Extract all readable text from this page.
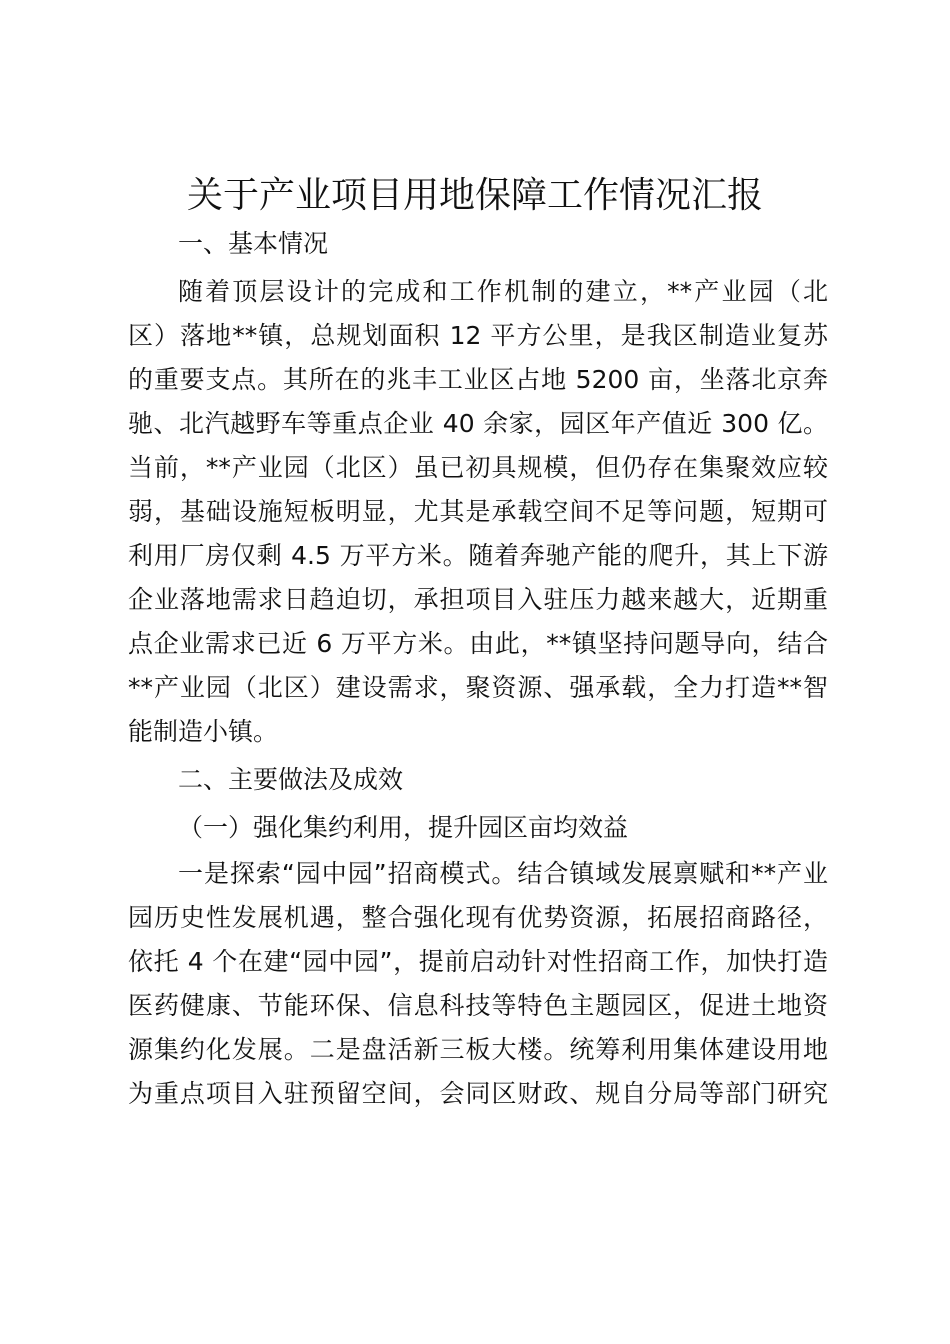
关于产业项目用地保障工作情况汇报
一、基本情况
随着顶层设计的完成和工作机制的建立，**产业园（北
区）落地**镇，总规划面积 12 平方公里，是我区制造业复苏
的重要支点。其所在的兆丰工业区占地 5200 亩，坐落北京奔
驰、北汽越野车等重点企业 40 余家，园区年产值近 300 亿。
当前，**产业园（北区）虽已初具规模，但仍存在集聚效应较
弱，基础设施短板明显，尤其是承载空间不足等问题，短期可
利用厂房仅剩 4.5 万平方米。随着奔驰产能的爬升，其上下游
企业落地需求日趋迫切，承担项目入驻压力越来越大，近期重
点企业需求已近 6 万平方米。由此，**镇坚持问题导向，结合
**产业园（北区）建设需求，聚资源、强承载，全力打造**智
能制造小镇。
二、主要做法及成效
（一）强化集约利用，提升园区亩均效益
一是探索“园中园”招商模式。结合镇域发展禀赋和**产业
园历史性发展机遇，整合强化现有优势资源，拓展招商路径，
依托 4 个在建“园中园”，提前启动针对性招商工作，加快打造
医药健康、节能环保、信息科技等特色主题园区，促进土地资
源集约化发展。二是盘活新三板大楼。统筹利用集体建设用地
为重点项目入驻预留空间，会同区财政、规自分局等部门研究
